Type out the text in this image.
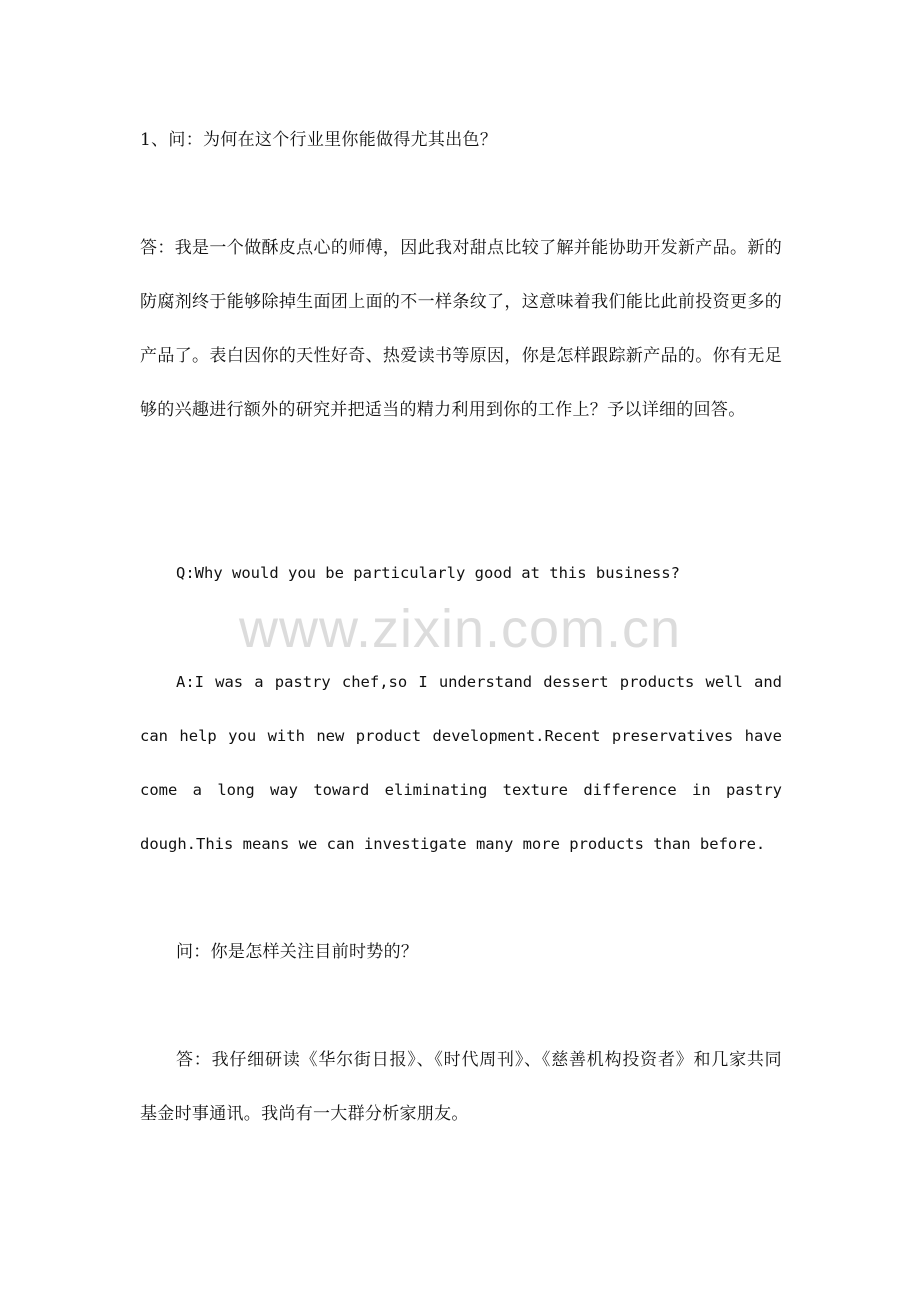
1、问：为何在这个行业里你能做得尤其出色？

答：我是一个做酥皮点心的师傅，因此我对甜点比较了解并能协助开发新产品。新的防腐剂终于能够除掉生面团上面的不一样条纹了，这意味着我们能比此前投资更多的产品了。表白因你的天性好奇、热爱读书等原因，你是怎样跟踪新产品的。你有无足够的兴趣进行额外的研究并把适当的精力利用到你的工作上？予以详细的回答。

Q:Why would you be particularly good at this business?

www.zixin.com.cn

A:I was a pastry chef,so I understand dessert products well and can help you with new product development.Recent preservatives have come a long way toward eliminating texture difference in pastry dough.This means we can investigate many more products than before.

问：你是怎样关注目前时势的？

答：我仔细研读《华尔街日报》、《时代周刊》、《慈善机构投资者》和几家共同基金时事通讯。我尚有一大群分析家朋友。
